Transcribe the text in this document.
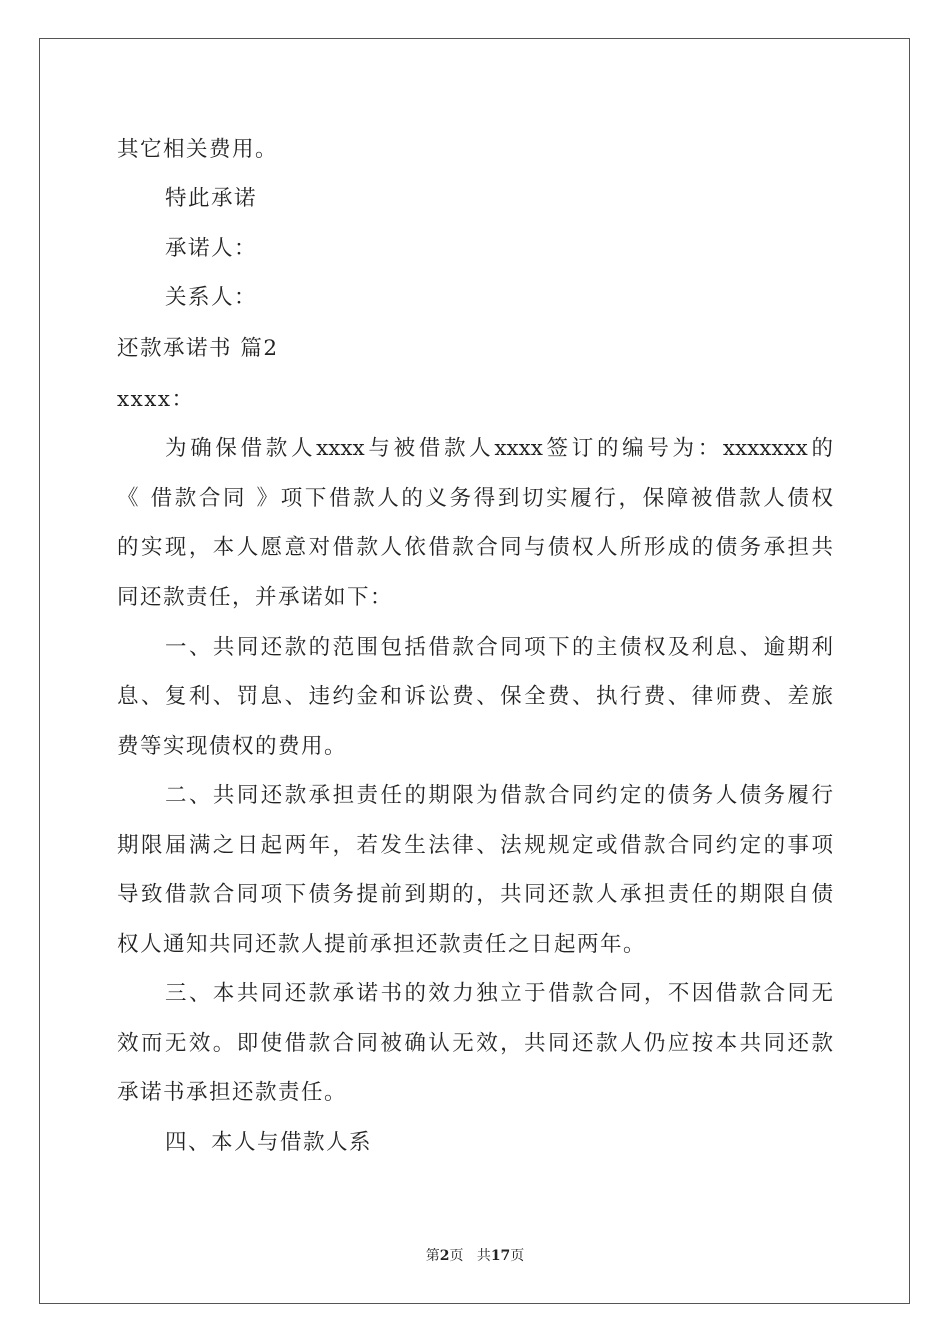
其它相关费用。
特此承诺
承诺人：
关系人：
还款承诺书 篇2
xxxx：
为确保借款人xxxx与被借款人xxxx签订的编号为：xxxxxxx的
《 借款合同 》项下借款人的义务得到切实履行，保障被借款人债权
的实现，本人愿意对借款人依借款合同与债权人所形成的债务承担共
同还款责任，并承诺如下：
一、共同还款的范围包括借款合同项下的主债权及利息、逾期利
息、复利、罚息、违约金和诉讼费、保全费、执行费、律师费、差旅
费等实现债权的费用。
二、共同还款承担责任的期限为借款合同约定的债务人债务履行
期限届满之日起两年，若发生法律、法规规定或借款合同约定的事项
导致借款合同项下债务提前到期的，共同还款人承担责任的期限自债
权人通知共同还款人提前承担还款责任之日起两年。
三、本共同还款承诺书的效力独立于借款合同，不因借款合同无
效而无效。即使借款合同被确认无效，共同还款人仍应按本共同还款
承诺书承担还款责任。
四、本人与借款人系
第2页 共17页
